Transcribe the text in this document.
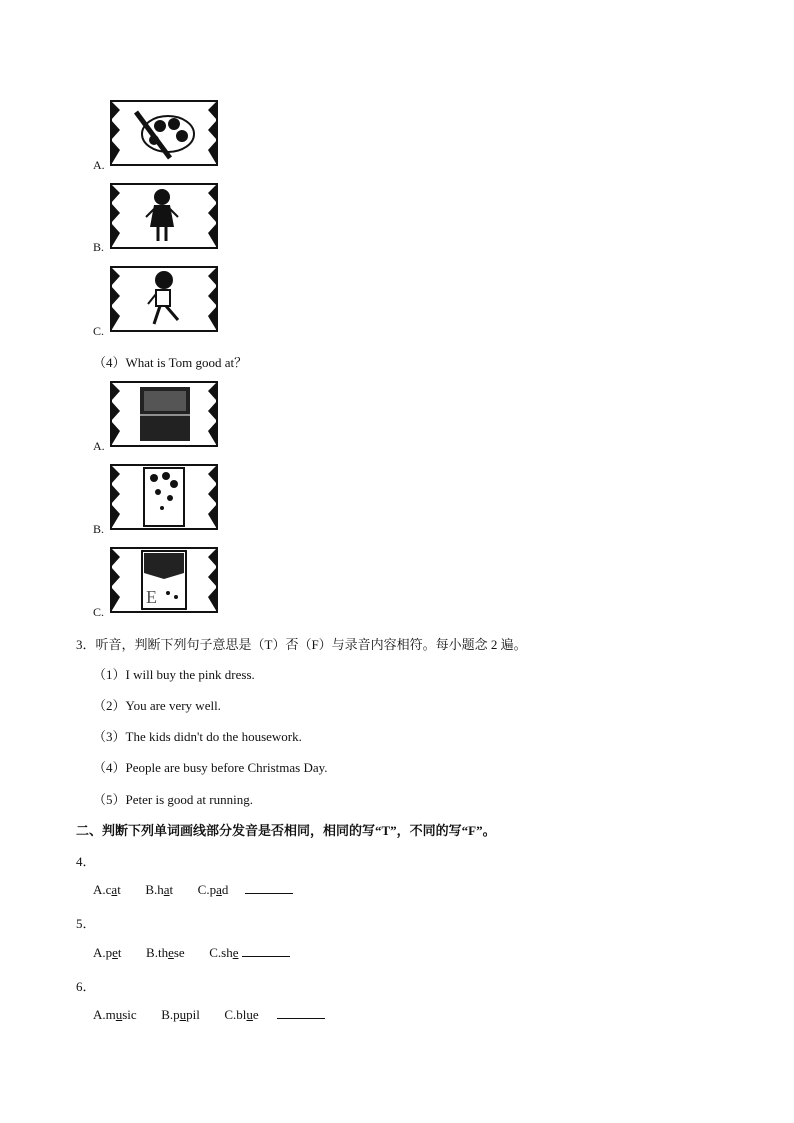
A.
B.
C.
（4）What is Tom good at？
A.
B.
E
C.
3．听音，判断下列句子意思是（T）否（F）与录音内容相符。每小题念 2 遍。
（1）I will buy the pink dress.
（2）You are very well.
（3）The kids didn't do the housework.
（4）People are busy before Christmas Day.
（5）Peter is good at running.
二、判断下列单词画线部分发音是否相同，相同的写“T”，不同的写“F”。
4．
A.cat B.hat C.pad
5．
A.pet B.these C.she
6．
A.music B.pupil C.blue
